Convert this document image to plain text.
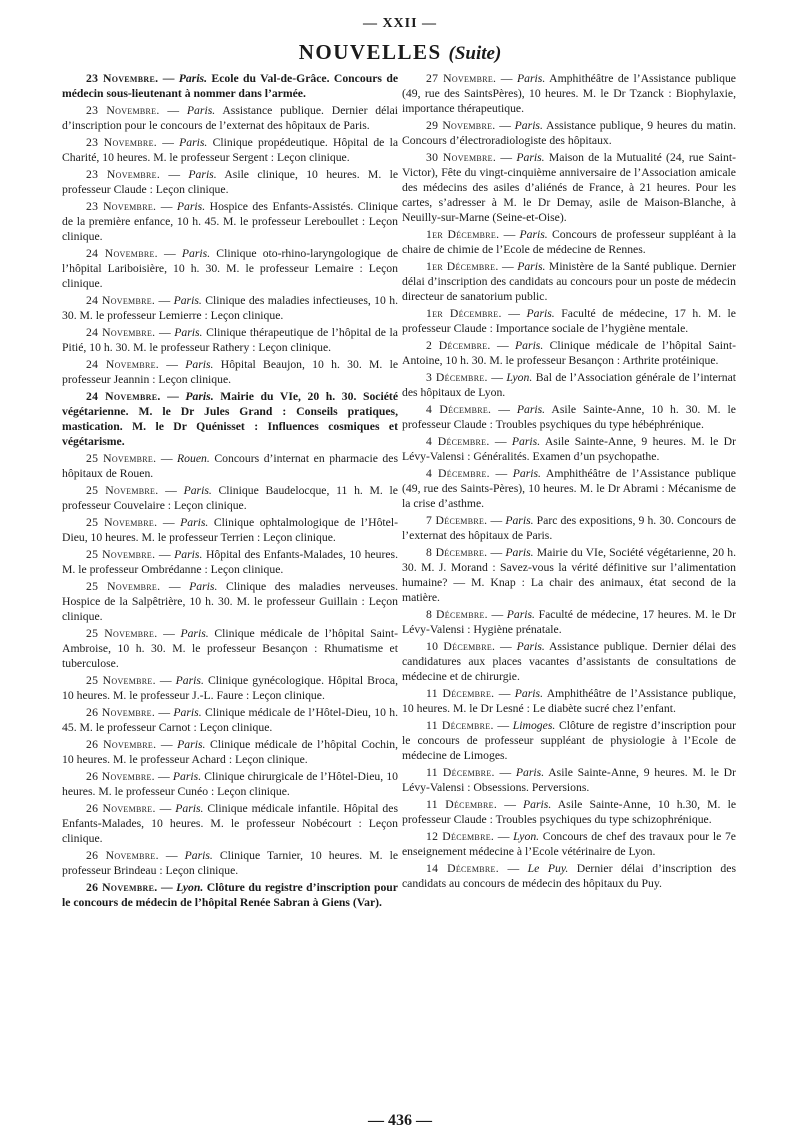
— XXII —
NOUVELLES (Suite)

23 Novembre. — Paris. Ecole du Val-de-Grâce. Concours de médecin sous-lieutenant à nommer dans l’armée.

23 Novembre. — Paris. Assistance publique. Dernier délai d’inscription pour le concours de l’externat des hôpitaux de Paris.

23 Novembre. — Paris. Clinique propédeutique. Hôpital de la Charité, 10 heures. M. le professeur Sergent : Leçon clinique.

23 Novembre. — Paris. Asile clinique, 10 heures. M. le professeur Claude : Leçon clinique.

23 Novembre. — Paris. Hospice des Enfants-Assistés. Clinique de la première enfance, 10 h. 45. M. le professeur Lereboullet : Leçon clinique.

24 Novembre. — Paris. Clinique oto-rhino-laryngologique de l’hôpital Lariboisière, 10 h. 30. M. le professeur Lemaire : Leçon clinique.

24 Novembre. — Paris. Clinique des maladies infectieuses, 10 h. 30. M. le professeur Lemierre : Leçon clinique.

24 Novembre. — Paris. Clinique thérapeutique de l’hôpital de la Pitié, 10 h. 30. M. le professeur Rathery : Leçon clinique.

24 Novembre. — Paris. Hôpital Beaujon, 10 h. 30. M. le professeur Jeannin : Leçon clinique.

24 Novembre. — Paris. Mairie du VIe, 20 h. 30. Société végétarienne. M. le Dr Jules Grand : Conseils pratiques, mastication. M. le Dr Quénisset : Influences cosmiques et végétarisme.

25 Novembre. — Rouen. Concours d’internat en pharmacie des hôpitaux de Rouen.

25 Novembre. — Paris. Clinique Baudelocque, 11 h. M. le professeur Couvelaire : Leçon clinique.

25 Novembre. — Paris. Clinique ophtalmologique de l’Hôtel-Dieu, 10 heures. M. le professeur Terrien : Leçon clinique.

25 Novembre. — Paris. Hôpital des Enfants-Malades, 10 heures. M. le professeur Ombrédanne : Leçon clinique.

25 Novembre. — Paris. Clinique des maladies nerveuses. Hospice de la Salpêtrière, 10 h. 30. M. le professeur Guillain : Leçon clinique.

25 Novembre. — Paris. Clinique médicale de l’hôpital Saint-Ambroise, 10 h. 30. M. le professeur Besançon : Rhumatisme et tuberculose.

25 Novembre. — Paris. Clinique gynécologique. Hôpital Broca, 10 heures. M. le professeur J.-L. Faure : Leçon clinique.

26 Novembre. — Paris. Clinique médicale de l’Hôtel-Dieu, 10 h. 45. M. le professeur Carnot : Leçon clinique.

26 Novembre. — Paris. Clinique médicale de l’hôpital Cochin, 10 heures. M. le professeur Achard : Leçon clinique.

26 Novembre. — Paris. Clinique chirurgicale de l’Hôtel-Dieu, 10 heures. M. le professeur Cunéo : Leçon clinique.

26 Novembre. — Paris. Clinique médicale infantile. Hôpital des Enfants-Malades, 10 heures. M. le professeur Nobécourt : Leçon clinique.

26 Novembre. — Paris. Clinique Tarnier, 10 heures. M. le professeur Brindeau : Leçon clinique.

26 Novembre. — Lyon. Clôture du registre d’inscription pour le concours de médecin de l’hôpital Renée Sabran à Giens (Var).

27 Novembre. — Paris. Amphithéâtre de l’Assistance publique (49, rue des SaintsPères), 10 heures. M. le Dr Tzanck : Biophylaxie, importance thérapeutique.

29 Novembre. — Paris. Assistance publique, 9 heures du matin. Concours d’électroradiologiste des hôpitaux.

30 Novembre. — Paris. Maison de la Mutualité (24, rue Saint-Victor), Fête du vingt-cinquième anniversaire de l’Association amicale des médecins des asiles d’aliénés de France, à 21 heures. Pour les cartes, s’adresser à M. le Dr Demay, asile de Maison-Blanche, à Neuilly-sur-Marne (Seine-et-Oise).

1er Décembre. — Paris. Concours de professeur suppléant à la chaire de chimie de l’Ecole de médecine de Rennes.

1er Décembre. — Paris. Ministère de la Santé publique. Dernier délai d’inscription des candidats au concours pour un poste de médecin directeur de sanatorium public.

1er Décembre. — Paris. Faculté de médecine, 17 h. M. le professeur Claude : Importance sociale de l’hygiène mentale.

2 Décembre. — Paris. Clinique médicale de l’hôpital Saint-Antoine, 10 h. 30. M. le professeur Besançon : Arthrite protéinique.

3 Décembre. — Lyon. Bal de l’Association générale de l’internat des hôpitaux de Lyon.

4 Décembre. — Paris. Asile Sainte-Anne, 10 h. 30. M. le professeur Claude : Troubles psychiques du type hébéphrénique.

4 Décembre. — Paris. Asile Sainte-Anne, 9 heures. M. le Dr Lévy-Valensi : Généralités. Examen d’un psychopathe.

4 Décembre. — Paris. Amphithéâtre de l’Assistance publique (49, rue des Saints-Pères), 10 heures. M. le Dr Abrami : Mécanisme de la crise d’asthme.

7 Décembre. — Paris. Parc des expositions, 9 h. 30. Concours de l’externat des hôpitaux de Paris.

8 Décembre. — Paris. Mairie du VIe, Société végétarienne, 20 h. 30. M. J. Morand : Savez-vous la vérité définitive sur l’alimentation humaine? — M. Knap : La chair des animaux, état second de la matière.

8 Décembre. — Paris. Faculté de médecine, 17 heures. M. le Dr Lévy-Valensi : Hygiène prénatale.

10 Décembre. — Paris. Assistance publique. Dernier délai des candidatures aux places vacantes d’assistants de consultations de médecine et de chirurgie.

11 Décembre. — Paris. Amphithéâtre de l’Assistance publique, 10 heures. M. le Dr Lesné : Le diabète sucré chez l’enfant.

11 Décembre. — Limoges. Clôture de registre d’inscription pour le concours de professeur suppléant de physiologie à l’Ecole de médecine de Limoges.

11 Décembre. — Paris. Asile Sainte-Anne, 9 heures. M. le Dr Lévy-Valensi : Obsessions. Perversions.

11 Décembre. — Paris. Asile Sainte-Anne, 10 h.30, M. le professeur Claude : Troubles psychiques du type schizophrénique.

12 Décembre. — Lyon. Concours de chef des travaux pour le 7e enseignement médecine à l’Ecole vétérinaire de Lyon.

14 Décembre. — Le Puy. Dernier délai d’inscription des candidats au concours de médecin des hôpitaux du Puy.

— 436 —
